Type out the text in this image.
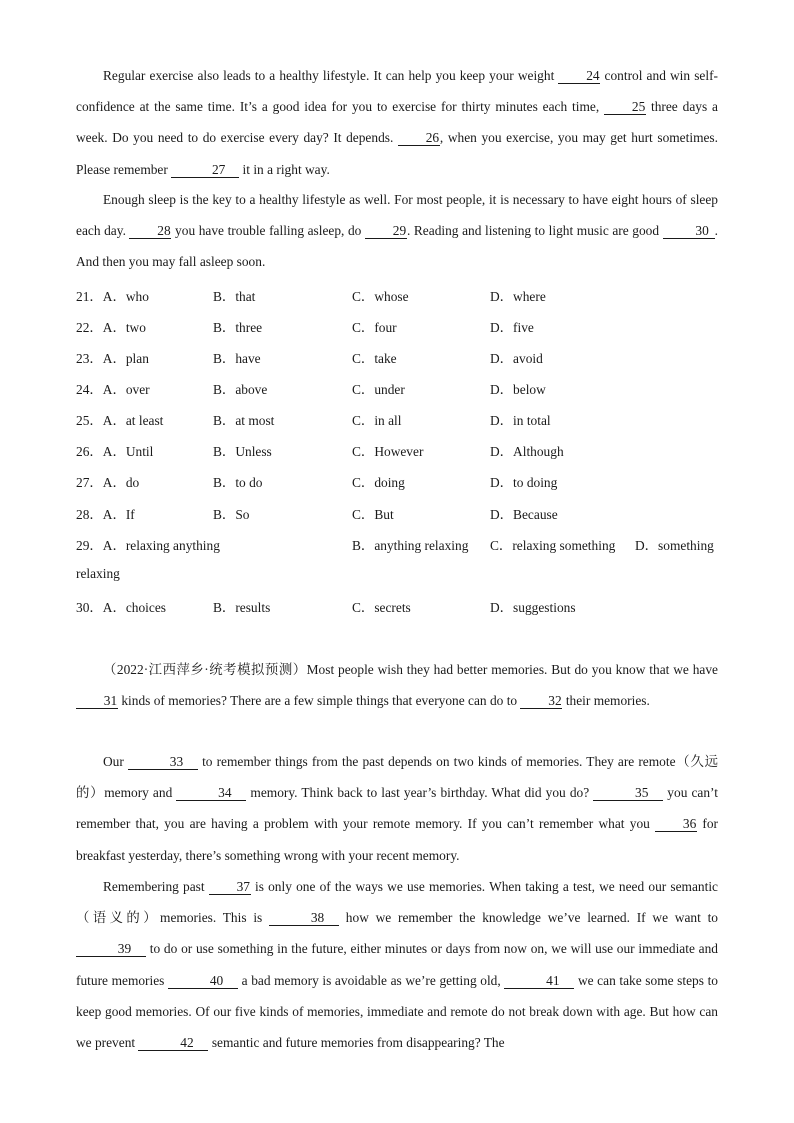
Regular exercise also leads to a healthy lifestyle. It can help you keep your weight 24 control and win self-confidence at the same time. It’s a good idea for you to exercise for thirty minutes each time, 25 three days a week. Do you need to do exercise every day? It depends. 26, when you exercise, you may get hurt sometimes. Please remember	27 it in a right way.
Enough sleep is the key to a healthy lifestyle as well. For most people, it is necessary to have eight hours of sleep each day. 28 you have trouble falling asleep, do 29. Reading and listening to light music are good 30 . And then you may fall asleep soon.
21．A．who	B．that	C．whose	D．where
22．A．two	B．three	C．four	D．five
23．A．plan	B．have	C．take	D．avoid
24．A．over	B．above	C．under	D．below
25．A．at least	B．at most	C．in all	D．in total
26．A．Until	B．Unless	C．However	D．Although
27．A．do	B．to do	C．doing	D．to doing
28．A．If	B．So	C．But	D．Because
29．A．relaxing anything	B．anything relaxing C．relaxing something D．something
relaxing
30．A．choices	B．results	C．secrets	D．suggestions
（2022·江西萍乡·统考模拟预测）Most people wish they had better memories. But do you know that we have 31 kinds of memories? There are a few simple things that everyone can do to 32 their memories.
Our	33 to remember things from the past depends on two kinds of memories. They are remote（久远的）memory and	34 memory. Think back to last year’s birthday. What did you do?	35 you can’t remember that, you are having a problem with your remote memory. If you can’t remember what you 36 for breakfast yesterday, there’s something wrong with your recent memory.
Remembering past 37 is only one of the ways we use memories. When taking a test, we need our semantic（语义的）memories. This is	38 how we remember the knowledge we’ve learned. If we want to 39 to do or use something in the future, either minutes or days from now on, we will use our immediate and future memories	40 a bad memory is avoidable as we’re getting old,	41 we can take some steps to keep good memories. Of our five kinds of memories, immediate and remote do not break down with age. But how can we prevent	42 semantic and future memories from disappearing? The
